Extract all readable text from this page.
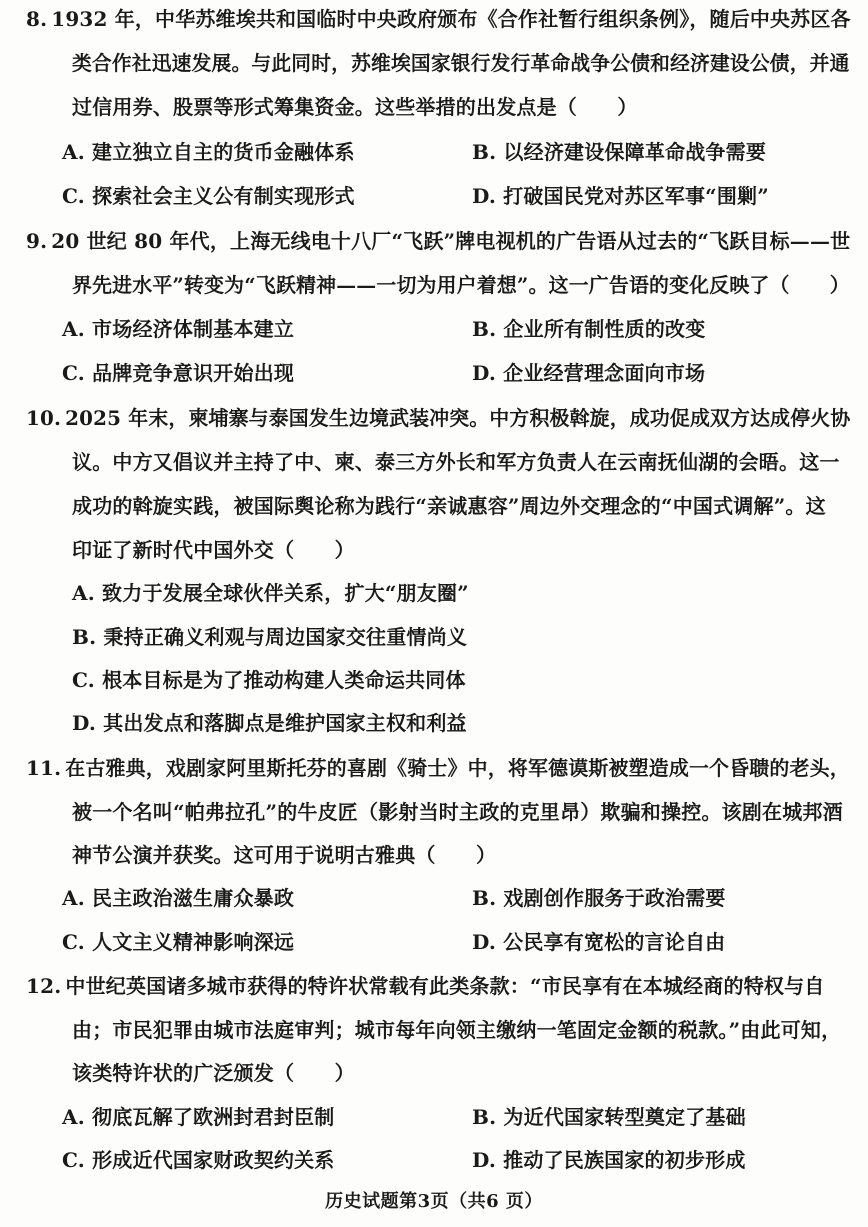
8. 1932 年，中华苏维埃共和国临时中央政府颁布《合作社暂行组织条例》，随后中央苏区各
类合作社迅速发展。与此同时，苏维埃国家银行发行革命战争公债和经济建设公债，并通
过信用券、股票等形式筹集资金。这些举措的出发点是（　　）
A. 建立独立自主的货币金融体系	B. 以经济建设保障革命战争需要
C. 探索社会主义公有制实现形式	D. 打破国民党对苏区军事“围剿”
9. 20 世纪 80 年代，上海无线电十八厂“飞跃”牌电视机的广告语从过去的“飞跃目标——世
界先进水平”转变为“飞跃精神——一切为用户着想”。这一广告语的变化反映了（　　）
A. 市场经济体制基本建立	B. 企业所有制性质的改变
C. 品牌竞争意识开始出现	D. 企业经营理念面向市场
10. 2025 年末，柬埔寨与泰国发生边境武装冲突。中方积极斡旋，成功促成双方达成停火协
议。中方又倡议并主持了中、柬、泰三方外长和军方负责人在云南抚仙湖的会晤。这一
成功的斡旋实践，被国际舆论称为践行“亲诚惠容”周边外交理念的“中国式调解”。这
印证了新时代中国外交（　　）
A. 致力于发展全球伙伴关系，扩大“朋友圈”
B. 秉持正确义利观与周边国家交往重情尚义
C. 根本目标是为了推动构建人类命运共同体
D. 其出发点和落脚点是维护国家主权和利益
11. 在古雅典，戏剧家阿里斯托芬的喜剧《骑士》中，将军德谟斯被塑造成一个昏聩的老头，
被一个名叫“帕弗拉孔”的牛皮匠（影射当时主政的克里昂）欺骗和操控。该剧在城邦酒
神节公演并获奖。这可用于说明古雅典（　　）
A. 民主政治滋生庸众暴政	B. 戏剧创作服务于政治需要
C. 人文主义精神影响深远	D. 公民享有宽松的言论自由
12. 中世纪英国诸多城市获得的特许状常载有此类条款：“市民享有在本城经商的特权与自
由；市民犯罪由城市法庭审判；城市每年向领主缴纳一笔固定金额的税款。”由此可知，
该类特许状的广泛颁发（　　）
A. 彻底瓦解了欧洲封君封臣制	B. 为近代国家转型奠定了基础
C. 形成近代国家财政契约关系	D. 推动了民族国家的初步形成
历史试题第3页（共6 页）
